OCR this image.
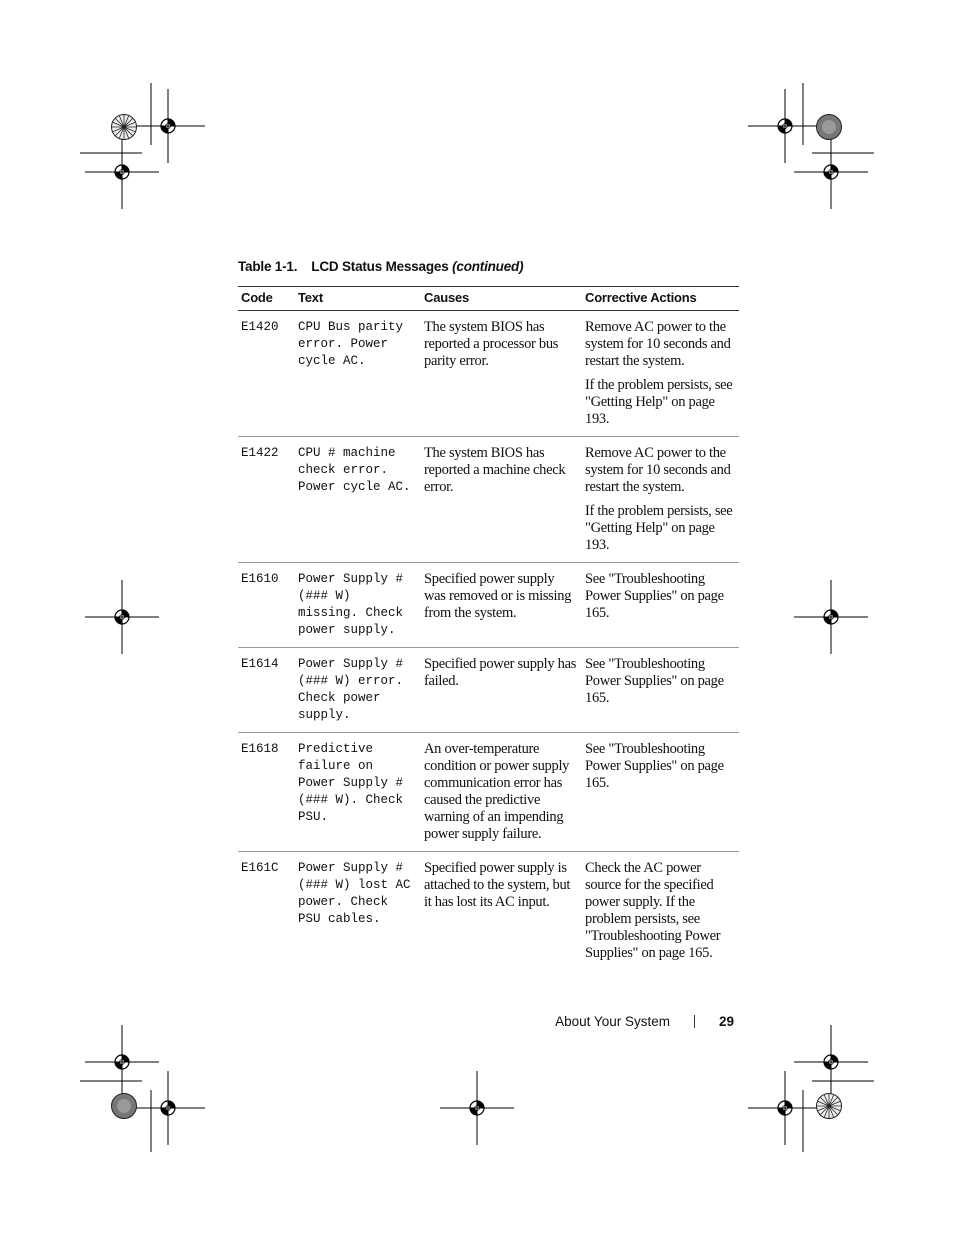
Table 1-1. LCD Status Messages (continued)
Code	Text	Causes	Corrective Actions
E1420	CPU Bus parity error. Power cycle AC.	The system BIOS has reported a processor bus parity error.	Remove AC power to the system for 10 seconds and restart the system.

If the problem persists, see "Getting Help" on page 193.

E1422	CPU # machine check error. Power cycle AC.	The system BIOS has reported a machine check error.	Remove AC power to the system for 10 seconds and restart the system.

If the problem persists, see "Getting Help" on page 193.

E1610	Power Supply # (### W) missing. Check power supply.	Specified power supply was removed or is missing from the system.	See "Troubleshooting Power Supplies" on page 165.

E1614	Power Supply # (### W) error. Check power supply.	Specified power supply has failed.	See "Troubleshooting Power Supplies" on page 165.

E1618	Predictive failure on Power Supply # (### W). Check PSU.	An over-temperature condition or power supply communication error has caused the predictive warning of an impending power supply failure.	See "Troubleshooting Power Supplies" on page 165.

E161C	Power Supply # (### W) lost AC power. Check PSU cables.	Specified power supply is attached to the system, but it has lost its AC input.	Check the AC power source for the specified power supply. If the problem persists, see "Troubleshooting Power Supplies" on page 165.

About Your System	29
